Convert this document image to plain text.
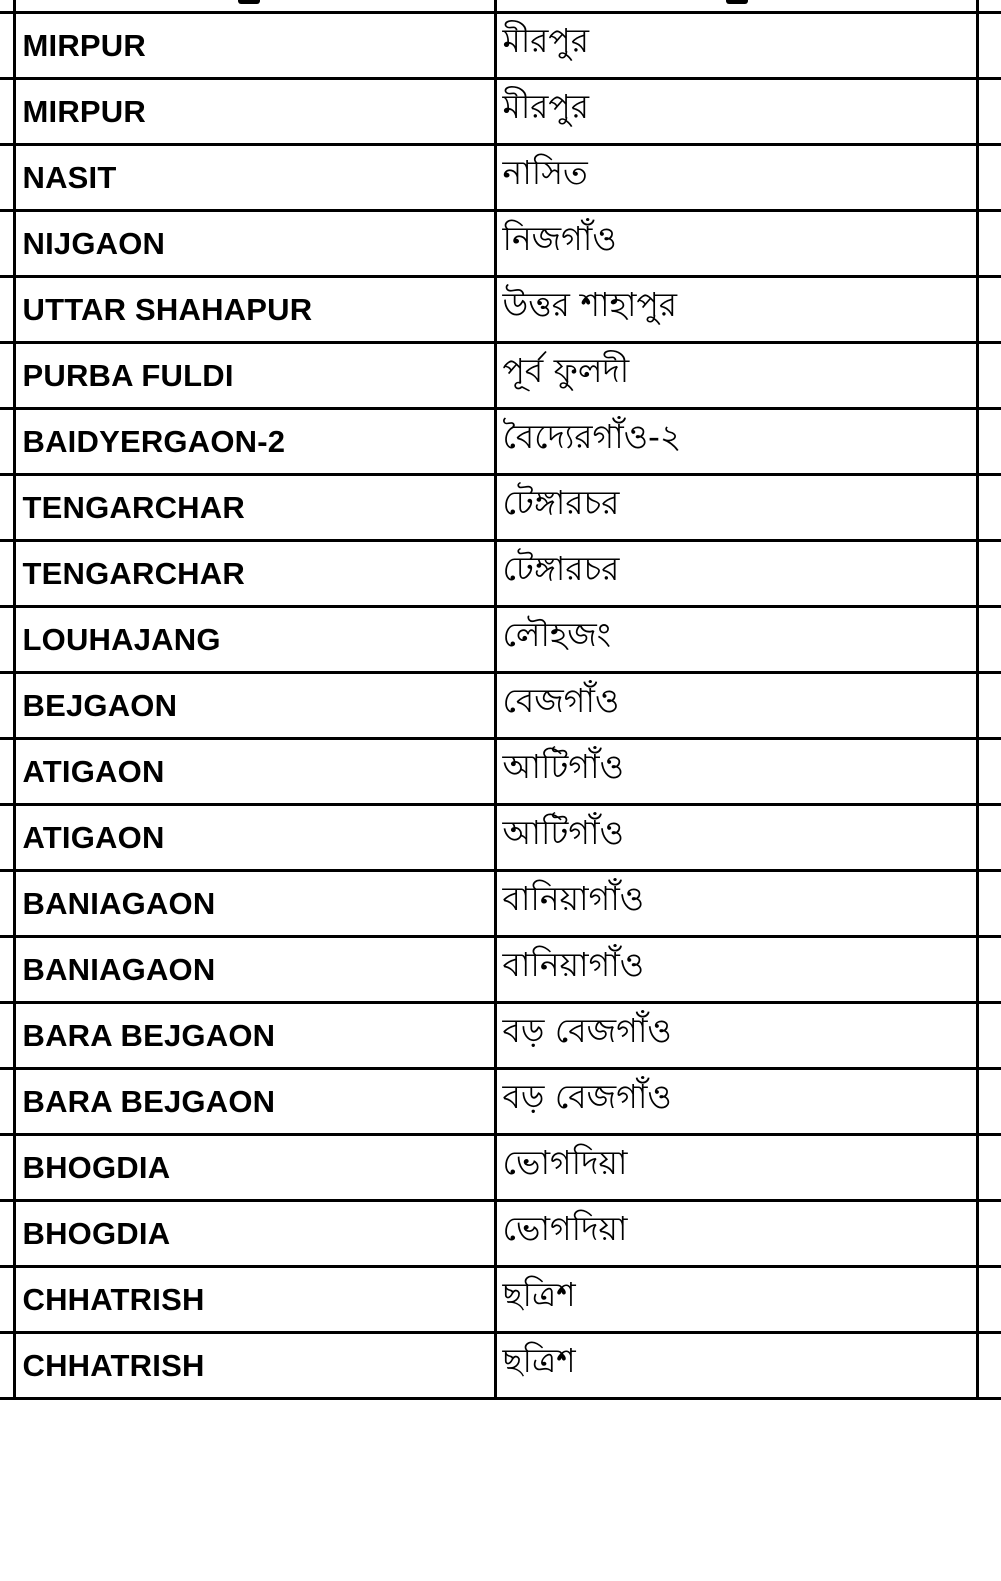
	MIRPUR	মীরপুর	
	MIRPUR	মীরপুর	
	NASIT	নাসিত	
	NIJGAON	নিজগাঁও	
	UTTAR SHAHAPUR	উত্তর শাহাপুর	
	PURBA FULDI	পূর্ব ফুলদী	
	BAIDYERGAON-2	বৈদ্যেরগাঁও-২	
	TENGARCHAR	টেঙ্গারচর	
	TENGARCHAR	টেঙ্গারচর	
	LOUHAJANG	লৌহজং	
	BEJGAON	বেজগাঁও	
	ATIGAON	আটিগাঁও	
	ATIGAON	আটিগাঁও	
	BANIAGAON	বানিয়াগাঁও	
	BANIAGAON	বানিয়াগাঁও	
	BARA BEJGAON	বড় বেজগাঁও	
	BARA BEJGAON	বড় বেজগাঁও	
	BHOGDIA	ভোগদিয়া	
	BHOGDIA	ভোগদিয়া	
	CHHATRISH	ছত্রিশ	
	CHHATRISH	ছত্রিশ	
